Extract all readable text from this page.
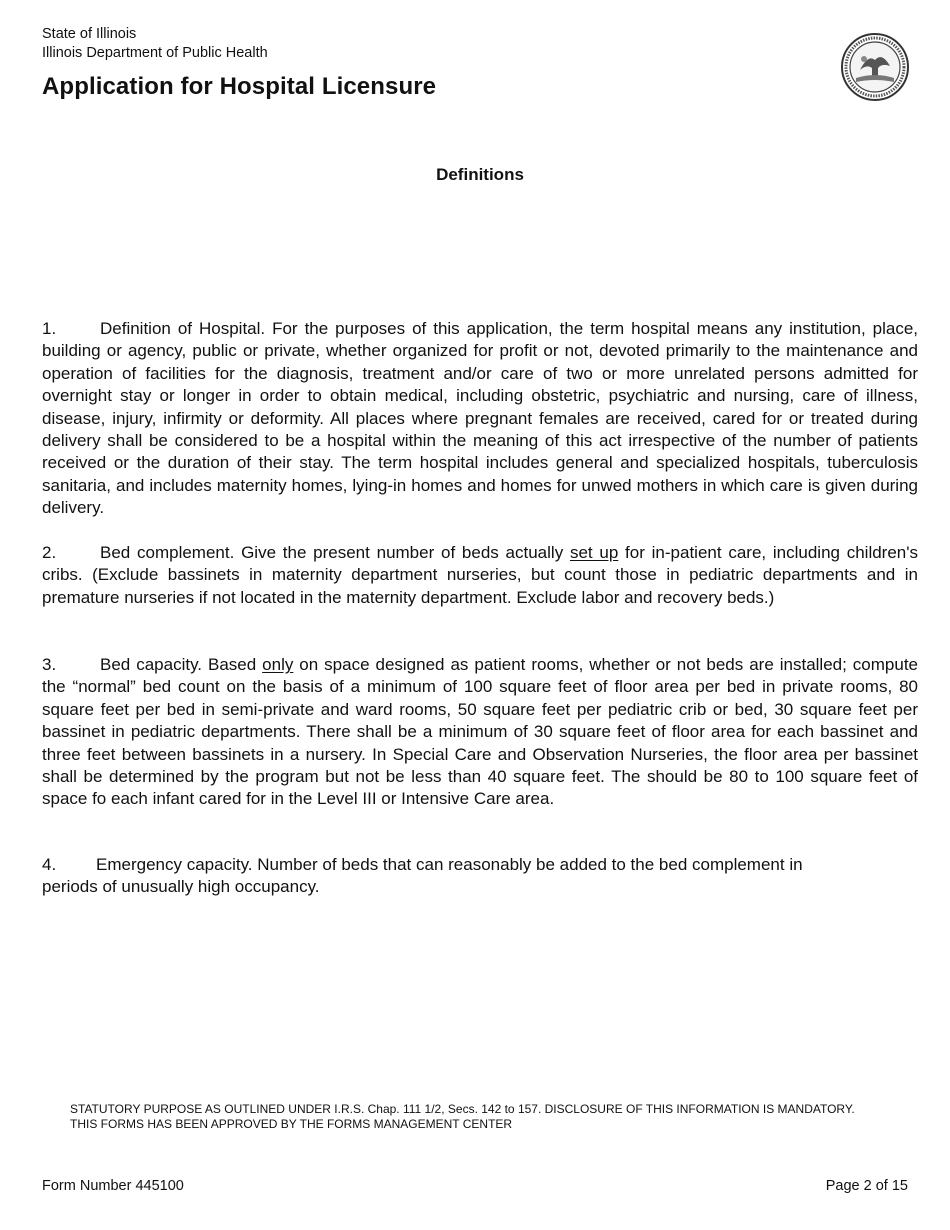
State of Illinois
Illinois Department of Public Health
Application for Hospital Licensure
Definitions

1.	Definition of Hospital. For the purposes of this application, the term hospital means any institution, place, building or agency, public or private, whether organized for profit or not, devoted primarily to the maintenance and operation of facilities for the diagnosis, treatment and/or care of two or more unrelated persons admitted for overnight stay or longer in order to obtain medical, including obstetric, psychiatric and nursing, care of illness, disease, injury, infirmity or deformity. All places where pregnant females are received, cared for or treated during delivery shall be considered to be a hospital within the meaning of this act irrespective of the number of patients received or the duration of their stay. The term hospital includes general and specialized hospitals, tuberculosis sanitaria, and includes maternity homes, lying-in homes and homes for unwed mothers in which care is given during delivery.

2.	Bed complement. Give the present number of beds actually set up for in-patient care, including children's cribs. (Exclude bassinets in maternity department nurseries, but count those in pediatric departments and in premature nurseries if not located in the maternity department. Exclude labor and recovery beds.)

3.	Bed capacity. Based only on space designed as patient rooms, whether or not beds are installed; compute the “normal” bed count on the basis of a minimum of 100 square feet of floor area per bed in private rooms, 80 square feet per bed in semi-private and ward rooms, 50 square feet per pediatric crib or bed, 30 square feet per bassinet in pediatric departments. There shall be a minimum of 30 square feet of floor area for each bassinet and three feet between bassinets in a nursery. In Special Care and Observation Nurseries, the floor area per bassinet shall be determined by the program but not be less than 40 square feet. The should be 80 to 100 square feet of space fo each infant cared for in the Level III or Intensive Care area.

4. Emergency capacity. Number of beds that can reasonably be added to the bed complement in
periods of unusually high occupancy.

STATUTORY PURPOSE AS OUTLINED UNDER I.R.S. Chap. 111 1/2, Secs. 142 to 157. DISCLOSURE OF THIS INFORMATION IS MANDATORY.
THIS FORMS HAS BEEN APPROVED BY THE FORMS MANAGEMENT CENTER
Form Number 445100	Page 2 of 15
